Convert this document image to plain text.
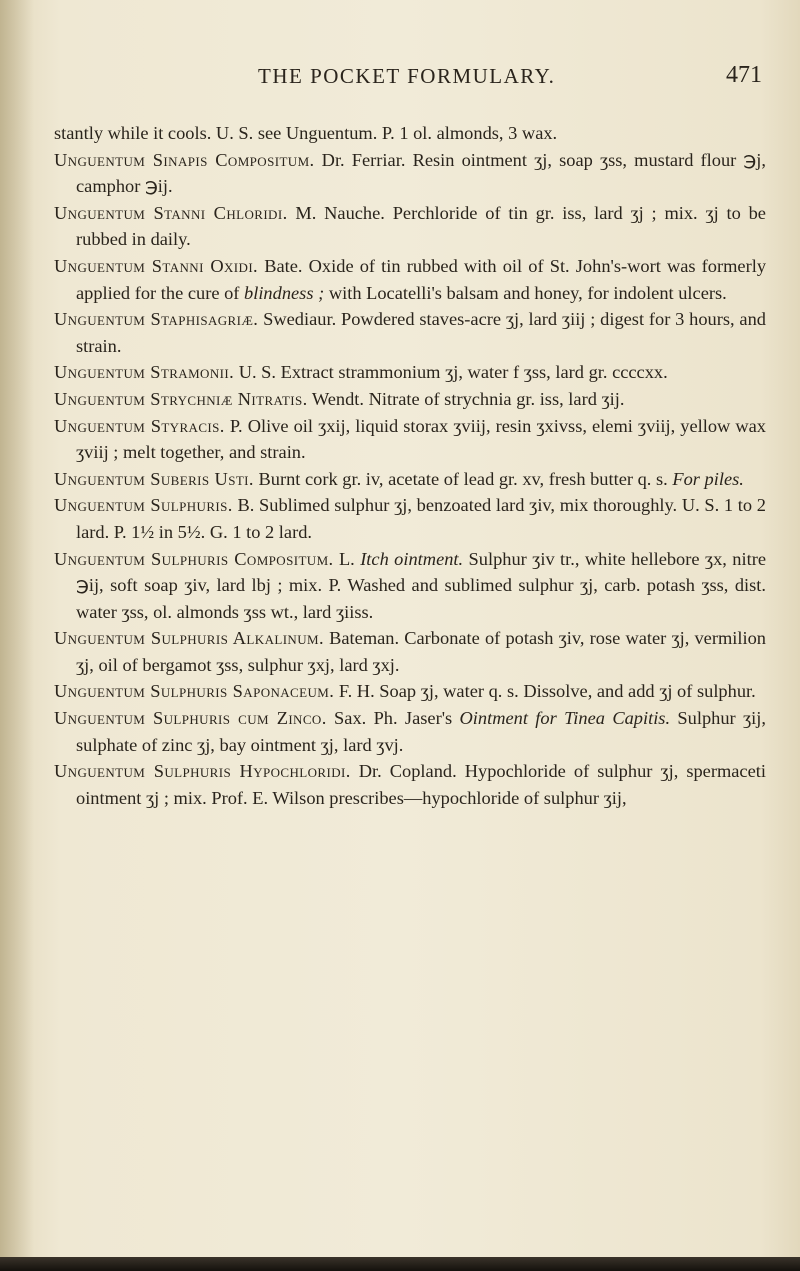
THE POCKET FORMULARY.	471

stantly while it cools. U. S. see Unguentum. P. 1 ol. almonds, 3 wax.

Unguentum Sinapis Compositum. Dr. Ferriar. Resin ointment ʒj, soap ʒss, mustard flour ℈j, camphor ℈ij.

Unguentum Stanni Chloridi. M. Nauche. Perchloride of tin gr. iss, lard ʒj ; mix. ʒj to be rubbed in daily.

Unguentum Stanni Oxidi. Bate. Oxide of tin rubbed with oil of St. John's-wort was formerly applied for the cure of blindness ; with Locatelli's balsam and honey, for indolent ulcers.

Unguentum Staphisagriæ. Swediaur. Powdered staves-acre ʒj, lard ʒiij ; digest for 3 hours, and strain.

Unguentum Stramonii. U. S. Extract strammonium ʒj, water f ʒss, lard gr. ccccxx.

Unguentum Strychniæ Nitratis. Wendt. Nitrate of strychnia gr. iss, lard ʒij.

Unguentum Styracis. P. Olive oil ʒxij, liquid storax ʒviij, resin ʒxivss, elemi ʒviij, yellow wax ʒviij ; melt together, and strain.

Unguentum Suberis Usti. Burnt cork gr. iv, acetate of lead gr. xv, fresh butter q. s. For piles.

Unguentum Sulphuris. B. Sublimed sulphur ʒj, benzoated lard ʒiv, mix thoroughly. U. S. 1 to 2 lard. P. 1½ in 5½. G. 1 to 2 lard.

Unguentum Sulphuris Compositum. L. Itch ointment. Sulphur ʒiv tr., white hellebore ʒx, nitre ℈ij, soft soap ʒiv, lard lbj ; mix. P. Washed and sublimed sulphur ʒj, carb. potash ʒss, dist. water ʒss, ol. almonds ʒss wt., lard ʒiiss.

Unguentum Sulphuris Alkalinum. Bateman. Carbonate of potash ʒiv, rose water ʒj, vermilion ʒj, oil of bergamot ʒss, sulphur ʒxj, lard ʒxj.

Unguentum Sulphuris Saponaceum. F. H. Soap ʒj, water q. s. Dissolve, and add ʒj of sulphur.

Unguentum Sulphuris cum Zinco. Sax. Ph. Jaser's Ointment for Tinea Capitis. Sulphur ʒij, sulphate of zinc ʒj, bay ointment ʒj, lard ʒvj.

Unguentum Sulphuris Hypochloridi. Dr. Copland. Hypochloride of sulphur ʒj, spermaceti ointment ʒj ; mix. Prof. E. Wilson prescribes—hypochloride of sulphur ʒij,
